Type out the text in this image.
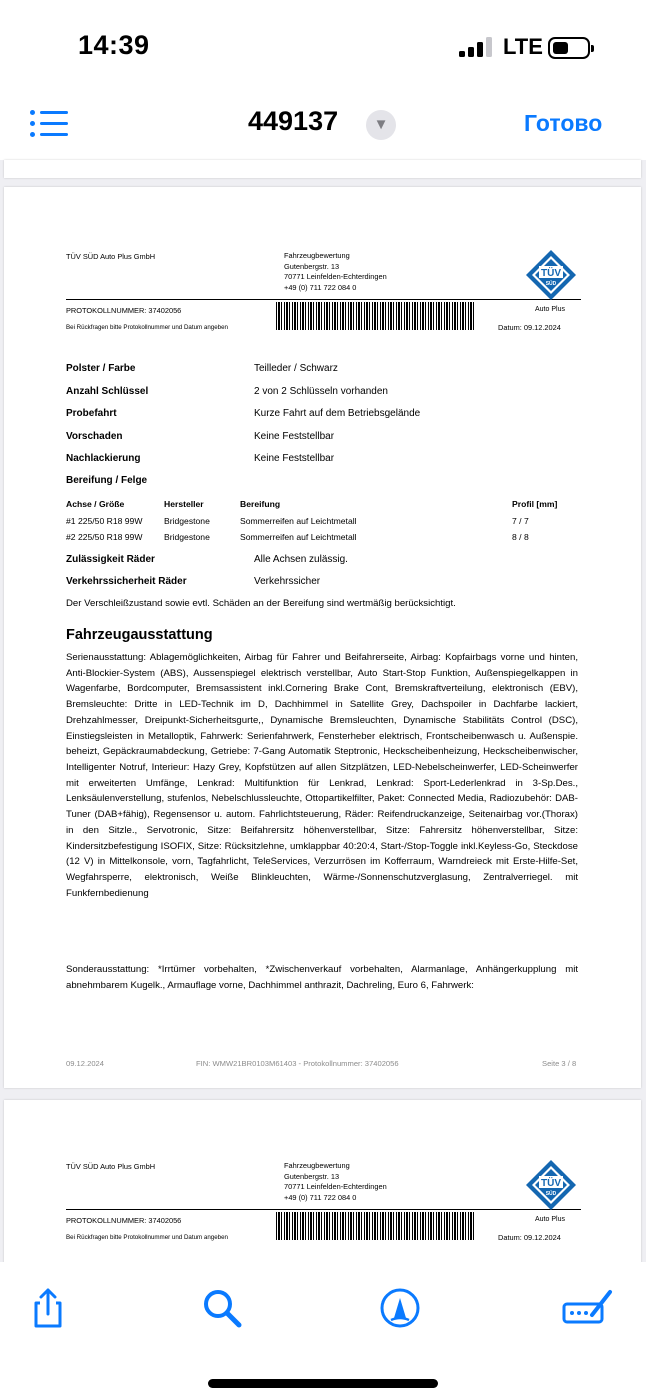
14:39	LTE
449137	▼	Готово
TÜV SÜD Auto Plus GmbH	Fahrzeugbewertung
Gutenbergstr. 13
70771 Leinfelden-Echterdingen
+49 (0) 711 722 084 0
PROTOKOLLNUMMER: 37402056
Bei Rückfragen bitte Protokollnummer und Datum angeben	Datum: 09.12.2024
TÜV
SÜD
Auto Plus
Polster / Farbe	Teilleder / Schwarz
Anzahl Schlüssel	2 von 2 Schlüsseln vorhanden
Probefahrt	Kurze Fahrt auf dem Betriebsgelände
Vorschaden	Keine Feststellbar
Nachlackierung	Keine Feststellbar
Bereifung / Felge
Achse / Größe	Hersteller	Bereifung	Profil [mm]
#1 225/50 R18 99W	Bridgestone	Sommerreifen auf Leichtmetall	7 / 7
#2 225/50 R18 99W	Bridgestone	Sommerreifen auf Leichtmetall	8 / 8
Zulässigkeit Räder	Alle Achsen zulässig.
Verkehrssicherheit Räder	Verkehrssicher
Der Verschleißzustand sowie evtl. Schäden an der Bereifung sind wertmäßig berücksichtigt.
Fahrzeugausstattung
Serienausstattung: Ablagemöglichkeiten, Airbag für Fahrer und Beifahrerseite, Airbag: Kopfairbags vorne und hinten, Anti-Blockier-System (ABS), Aussenspiegel elektrisch verstellbar, Auto Start-Stop Funktion, Außenspiegelkappen in Wagenfarbe, Bordcomputer, Bremsassistent inkl.Cornering Brake Cont, Bremskraftverteilung, elektronisch (EBV), Bremsleuchte: Dritte in LED-Technik im D, Dachhimmel in Satellite Grey, Dachspoiler in Dachfarbe lackiert, Drehzahlmesser, Dreipunkt-Sicherheitsgurte,, Dynamische Bremsleuchten, Dynamische Stabilitäts Control (DSC), Einstiegsleisten in Metalloptik, Fahrwerk: Serienfahrwerk, Fensterheber elektrisch, Frontscheibenwasch u. Außenspie. beheizt, Gepäckraumabdeckung, Getriebe: 7-Gang Automatik Steptronic, Heckscheibenheizung, Heckscheibenwischer, Intelligenter Notruf, Interieur: Hazy Grey, Kopfstützen auf allen Sitzplätzen, LED-Nebelscheinwerfer, LED-Scheinwerfer mit erweiterten Umfänge, Lenkrad: Multifunktion für Lenkrad, Lenkrad: Sport-Lederlenkrad in 3-Sp.Des., Lenksäulenverstellung, stufenlos, Nebelschlussleuchte, Ottopartikelfilter, Paket: Connected Media, Radiozubehör: DAB-Tuner (DAB+fähig), Regensensor u. autom. Fahrlichtsteuerung, Räder: Reifendruckanzeige, Seitenairbag vor.(Thorax) in den Sitzle., Servotronic, Sitze: Beifahrersitz höhenverstellbar, Sitze: Fahrersitz höhenverstellbar, Sitze: Kindersitzbefestigung ISOFIX, Sitze: Rücksitzlehne, umklappbar 40:20:4, Start-/Stop-Toggle inkl.Keyless-Go, Steckdose (12 V) in Mittelkonsole, vorn, Tagfahrlicht, TeleServices, Verzurrösen im Kofferraum, Warndreieck mit Erste-Hilfe-Set, Wegfahrsperre, elektronisch, Weiße Blinkleuchten, Wärme-/Sonnenschutzverglasung, Zentralverriegel. mit Funkfernbedienung
Sonderausstattung: *Irrtümer vorbehalten, *Zwischenverkauf vorbehalten, Alarmanlage, Anhängerkupplung mit abnehmbarem Kugelk., Armauflage vorne, Dachhimmel anthrazit, Dachreling, Euro 6, Fahrwerk:
09.12.2024	FIN: WMW21BR0103M61403 - Protokollnummer: 37402056	Seite 3 / 8
TÜV SÜD Auto Plus GmbH	Fahrzeugbewertung
Gutenbergstr. 13
70771 Leinfelden-Echterdingen
+49 (0) 711 722 084 0
PROTOKOLLNUMMER: 37402056
Bei Rückfragen bitte Protokollnummer und Datum angeben	Datum: 09.12.2024
TÜV
SÜD
Auto Plus
